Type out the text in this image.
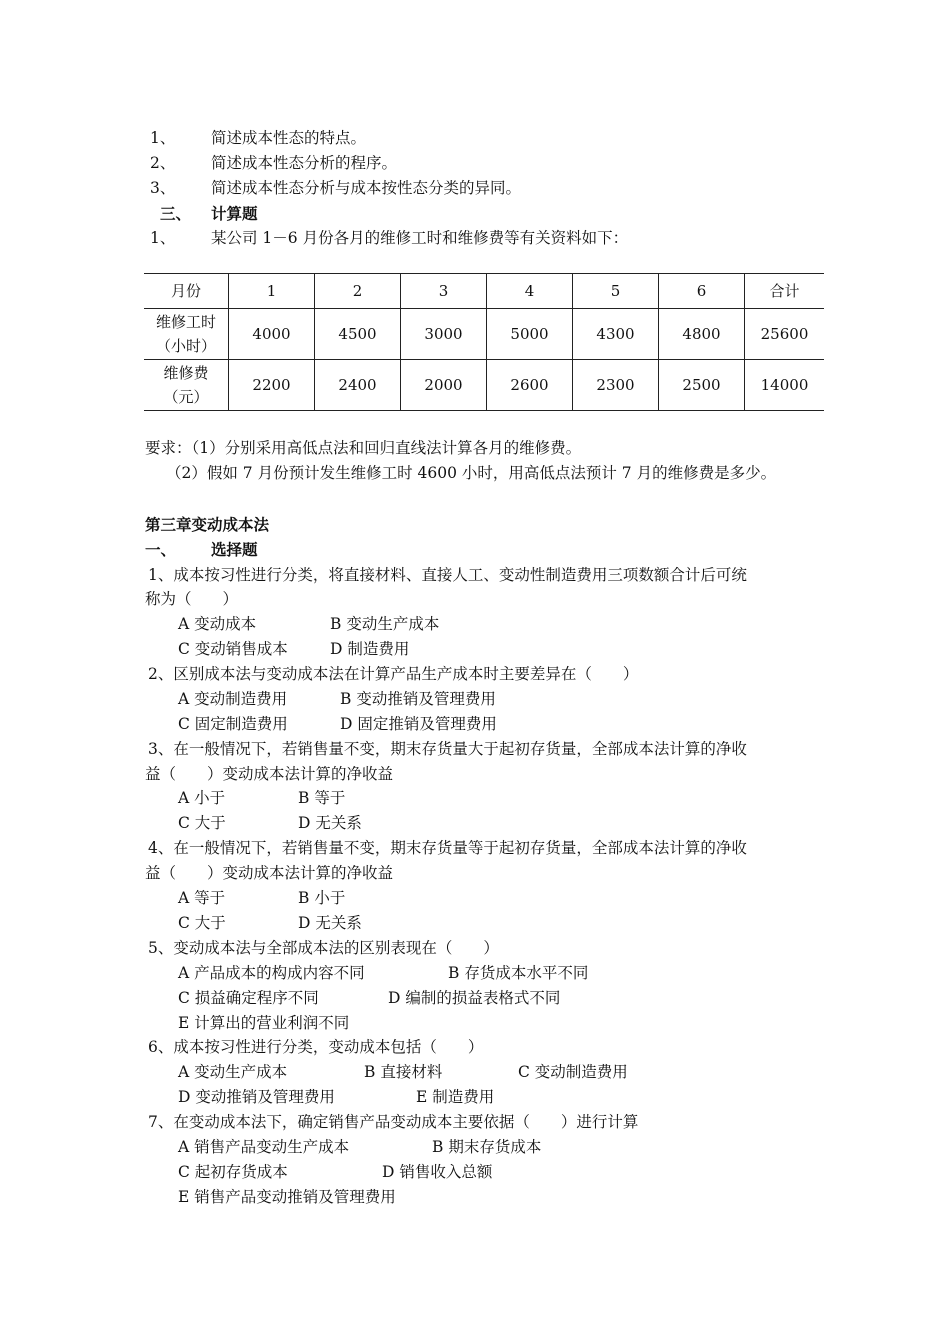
1、 简述成本性态的特点。
2、 简述成本性态分析的程序。
3、 简述成本性态分析与成本按性态分类的异同。
三、 计算题
1、 某公司 1－6 月份各月的维修工时和维修费等有关资料如下：
月份	1	2	3	4	5	6	合计

维修工时
（小时）	4000	4500	3000	5000	4300	4800	25600

维修费
（元）	2200	2400	2000	2600	2300	2500	14000
要求：（1）分别采用高低点法和回归直线法计算各月的维修费。
（2）假如 7 月份预计发生维修工时 4600 小时，用高低点法预计 7 月的维修费是多少。
第三章变动成本法
一、 选择题
1、成本按习性进行分类，将直接材料、直接人工、变动性制造费用三项数额合计后可统
称为（　　）
A 变动成本	B 变动生产成本
C 变动销售成本	D 制造费用
2、区别成本法与变动成本法在计算产品生产成本时主要差异在（　　）
A 变动制造费用	B 变动推销及管理费用
C 固定制造费用	D 固定推销及管理费用
3、在一般情况下，若销售量不变，期末存货量大于起初存货量，全部成本法计算的净收
益（　　）变动成本法计算的净收益
A 小于	B 等于
C 大于	D 无关系
4、在一般情况下，若销售量不变，期末存货量等于起初存货量，全部成本法计算的净收
益（　　）变动成本法计算的净收益
A 等于	B 小于
C 大于	D 无关系
5、变动成本法与全部成本法的区别表现在（　　）
A 产品成本的构成内容不同	B 存货成本水平不同
C 损益确定程序不同	D 编制的损益表格式不同
E 计算出的营业利润不同
6、成本按习性进行分类，变动成本包括（　　）
A 变动生产成本	B 直接材料	C 变动制造费用
D 变动推销及管理费用	E 制造费用
7、在变动成本法下，确定销售产品变动成本主要依据（　　）进行计算
A 销售产品变动生产成本	B 期末存货成本
C 起初存货成本	D 销售收入总额
E 销售产品变动推销及管理费用
